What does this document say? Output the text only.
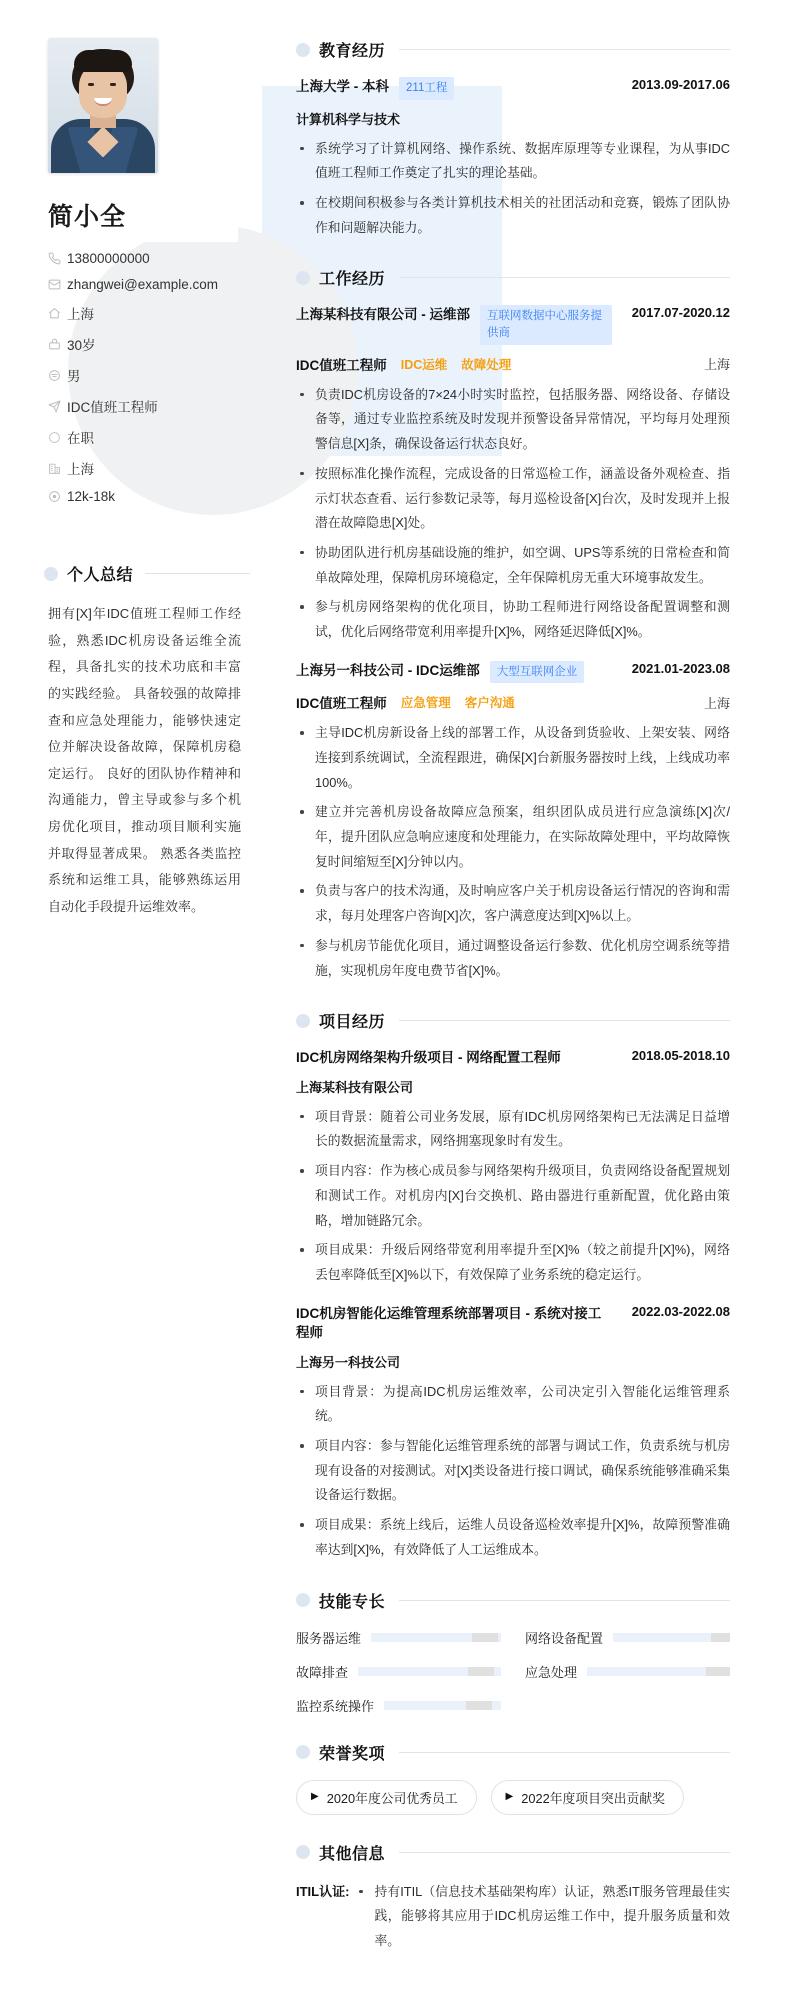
简小全
13800000000
zhangwei@example.com
上海
30岁
男
IDC值班工程师
在职
上海
12k-18k
个人总结

拥有[X]年IDC值班工程师工作经验，熟悉IDC机房设备运维全流程，具备扎实的技术功底和丰富的实践经验。 具备较强的故障排查和应急处理能力，能够快速定位并解决设备故障，保障机房稳定运行。 良好的团队协作精神和沟通能力，曾主导或参与多个机房优化项目，推动项目顺利实施并取得显著成果。 熟悉各类监控系统和运维工具，能够熟练运用自动化手段提升运维效率。

教育经历
上海大学 - 本科	211工程	2013.09-2017.06
计算机科学与技术
系统学习了计算机网络、操作系统、数据库原理等专业课程，为从事IDC值班工程师工作奠定了扎实的理论基础。
在校期间积极参与各类计算机技术相关的社团活动和竞赛，锻炼了团队协作和问题解决能力。
工作经历
上海某科技有限公司 - 运维部	互联网数据中心服务提供商
2017.07-2020.12
IDC值班工程师 IDC运维 故障处理	上海
负责IDC机房设备的7×24小时实时监控，包括服务器、网络设备、存储设备等，通过专业监控系统及时发现并预警设备异常情况，平均每月处理预警信息[X]条，确保设备运行状态良好。
按照标准化操作流程，完成设备的日常巡检工作，涵盖设备外观检查、指示灯状态查看、运行参数记录等，每月巡检设备[X]台次，及时发现并上报潜在故障隐患[X]处。
协助团队进行机房基础设施的维护，如空调、UPS等系统的日常检查和简单故障处理，保障机房环境稳定，全年保障机房无重大环境事故发生。
参与机房网络架构的优化项目，协助工程师进行网络设备配置调整和测试，优化后网络带宽利用率提升[X]%，网络延迟降低[X]%。
上海另一科技公司 - IDC运维部	大型互联网企业	2021.01-2023.08
IDC值班工程师 应急管理 客户沟通	上海
主导IDC机房新设备上线的部署工作，从设备到货验收、上架安装、网络连接到系统调试，全流程跟进，确保[X]台新服务器按时上线，上线成功率100%。
建立并完善机房设备故障应急预案，组织团队成员进行应急演练[X]次/年，提升团队应急响应速度和处理能力，在实际故障处理中，平均故障恢复时间缩短至[X]分钟以内。
负责与客户的技术沟通，及时响应客户关于机房设备运行情况的咨询和需求，每月处理客户咨询[X]次，客户满意度达到[X]%以上。
参与机房节能优化项目，通过调整设备运行参数、优化机房空调系统等措施，实现机房年度电费节省[X]%。
项目经历
IDC机房网络架构升级项目 - 网络配置工程师	2018.05-2018.10
上海某科技有限公司
项目背景：随着公司业务发展，原有IDC机房网络架构已无法满足日益增长的数据流量需求，网络拥塞现象时有发生。
项目内容：作为核心成员参与网络架构升级项目，负责网络设备配置规划和测试工作。对机房内[X]台交换机、路由器进行重新配置，优化路由策略，增加链路冗余。
项目成果：升级后网络带宽利用率提升至[X]%（较之前提升[X]%)，网络丢包率降低至[X]%以下，有效保障了业务系统的稳定运行。
IDC机房智能化运维管理系统部署项目 - 系统对接工程师
2022.03-2022.08
上海另一科技公司
项目背景：为提高IDC机房运维效率，公司决定引入智能化运维管理系统。
项目内容：参与智能化运维管理系统的部署与调试工作，负责系统与机房现有设备的对接测试。对[X]类设备进行接口调试，确保系统能够准确采集设备运行数据。
项目成果：系统上线后，运维人员设备巡检效率提升[X]%，故障预警准确率达到[X]%，有效降低了人工运维成本。
技能专长
服务器运维	网络设备配置
故障排查	应急处理
监控系统操作
荣誉奖项
▶ 2020年度公司优秀员工	▶ 2022年度项目突出贡献奖
其他信息
ITIL认证:	持有ITIL（信息技术基础架构库）认证，熟悉IT服务管理最佳实践，能够将其应用于IDC机房运维工作中，提升服务质量和效率。
